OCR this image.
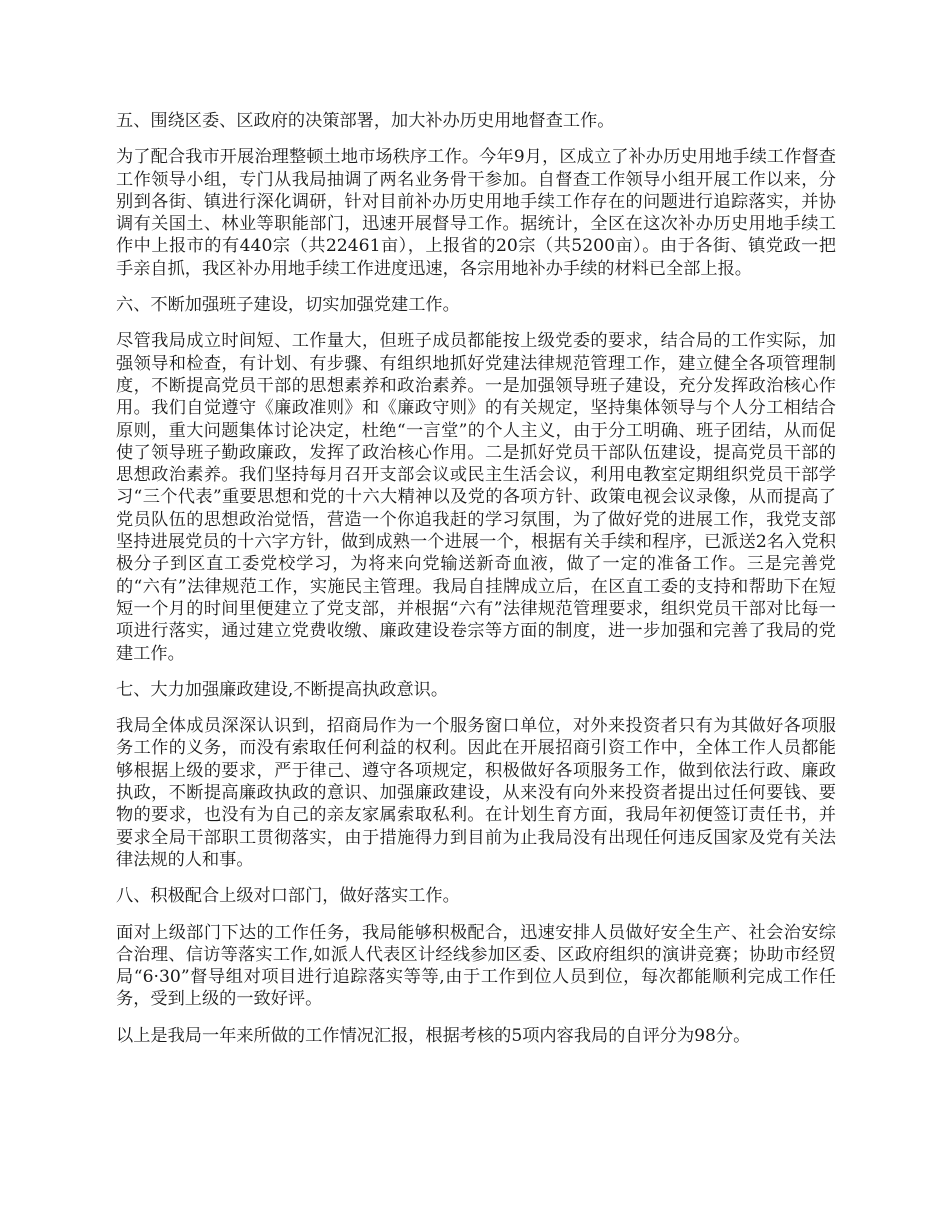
五、围绕区委、区政府的决策部署，加大补办历史用地督查工作。

为了配合我市开展治理整顿土地市场秩序工作。今年9月，区成立了补办历史用地手续工作督查工作领导小组，专门从我局抽调了两名业务骨干参加。自督查工作领导小组开展工作以来，分别到各街、镇进行深化调研，针对目前补办历史用地手续工作存在的问题进行追踪落实，并协调有关国土、林业等职能部门，迅速开展督导工作。据统计，全区在这次补办历史用地手续工作中上报市的有440宗（共22461亩），上报省的20宗（共5200亩）。由于各街、镇党政一把手亲自抓，我区补办用地手续工作进度迅速，各宗用地补办手续的材料已全部上报。

六、不断加强班子建设，切实加强党建工作。

尽管我局成立时间短、工作量大，但班子成员都能按上级党委的要求，结合局的工作实际，加强领导和检查，有计划、有步骤、有组织地抓好党建法律规范管理工作，建立健全各项管理制度，不断提高党员干部的思想素养和政治素养。一是加强领导班子建设，充分发挥政治核心作用。我们自觉遵守《廉政准则》和《廉政守则》的有关规定，坚持集体领导与个人分工相结合原则，重大问题集体讨论决定，杜绝“一言堂”的个人主义，由于分工明确、班子团结，从而促使了领导班子勤政廉政，发挥了政治核心作用。二是抓好党员干部队伍建设，提高党员干部的思想政治素养。我们坚持每月召开支部会议或民主生活会议，利用电教室定期组织党员干部学习“三个代表”重要思想和党的十六大精神以及党的各项方针、政策电视会议录像，从而提高了党员队伍的思想政治觉悟，营造一个你追我赶的学习氛围，为了做好党的进展工作，我党支部坚持进展党员的十六字方针，做到成熟一个进展一个，根据有关手续和程序，已派送2名入党积极分子到区直工委党校学习，为将来向党输送新奇血液，做了一定的准备工作。三是完善党的“六有”法律规范工作，实施民主管理。我局自挂牌成立后，在区直工委的支持和帮助下在短短一个月的时间里便建立了党支部，并根据“六有”法律规范管理要求，组织党员干部对比每一项进行落实，通过建立党费收缴、廉政建设卷宗等方面的制度，进一步加强和完善了我局的党建工作。

七、大力加强廉政建设,不断提高执政意识。

我局全体成员深深认识到，招商局作为一个服务窗口单位，对外来投资者只有为其做好各项服务工作的义务，而没有索取任何利益的权利。因此在开展招商引资工作中，全体工作人员都能够根据上级的要求，严于律己、遵守各项规定，积极做好各项服务工作，做到依法行政、廉政执政，不断提高廉政执政的意识、加强廉政建设，从来没有向外来投资者提出过任何要钱、要物的要求，也没有为自己的亲友家属索取私利。在计划生育方面，我局年初便签订责任书，并要求全局干部职工贯彻落实，由于措施得力到目前为止我局没有出现任何违反国家及党有关法律法规的人和事。

八、积极配合上级对口部门，做好落实工作。

面对上级部门下达的工作任务，我局能够积极配合，迅速安排人员做好安全生产、社会治安综合治理、信访等落实工作,如派人代表区计经线参加区委、区政府组织的演讲竞赛；协助市经贸局“6·30”督导组对项目进行追踪落实等等,由于工作到位人员到位，每次都能顺利完成工作任务，受到上级的一致好评。

以上是我局一年来所做的工作情况汇报，根据考核的5项内容我局的自评分为98分。
